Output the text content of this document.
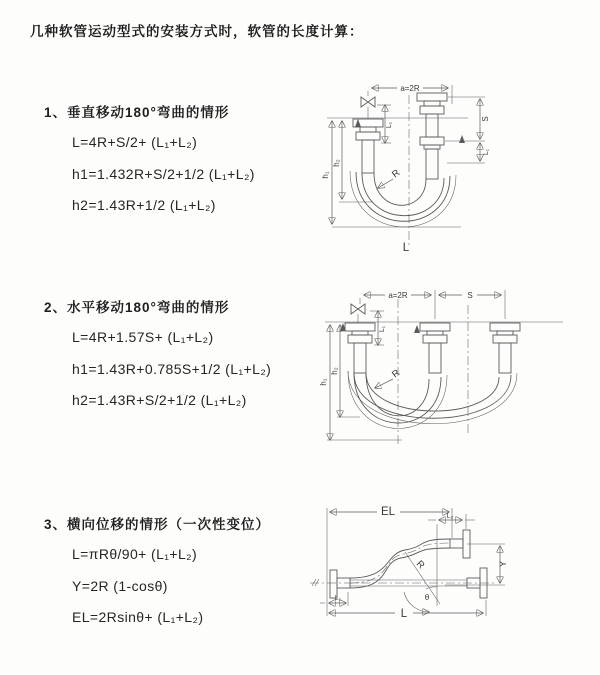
几种软管运动型式的安装方式时，软管的长度计算：
1、垂直移动180°弯曲的情形
L=4R+S/2+ (L₁+L₂)
h1=1.432R+S/2+1/2 (L₁+L₂)
h2=1.43R+1/2 (L₁+L₂)
2、水平移动180°弯曲的情形
L=4R+1.57S+ (L₁+L₂)
h1=1.43R+0.785S+1/2 (L₁+L₂)
h2=1.43R+S/2+1/2 (L₁+L₂)
3、横向位移的情形（一次性变位）
L=πRθ/90+ (L₁+L₂)
Y=2R (1-cosθ)
EL=2Rsinθ+ (L₁+L₂)
a=2R
R
h₁
h₂
L₁
S
L₁
L
a=2R	S
R
h₁
h₂
L₁
EL	L₂
R
θ
Y
L₁
L
